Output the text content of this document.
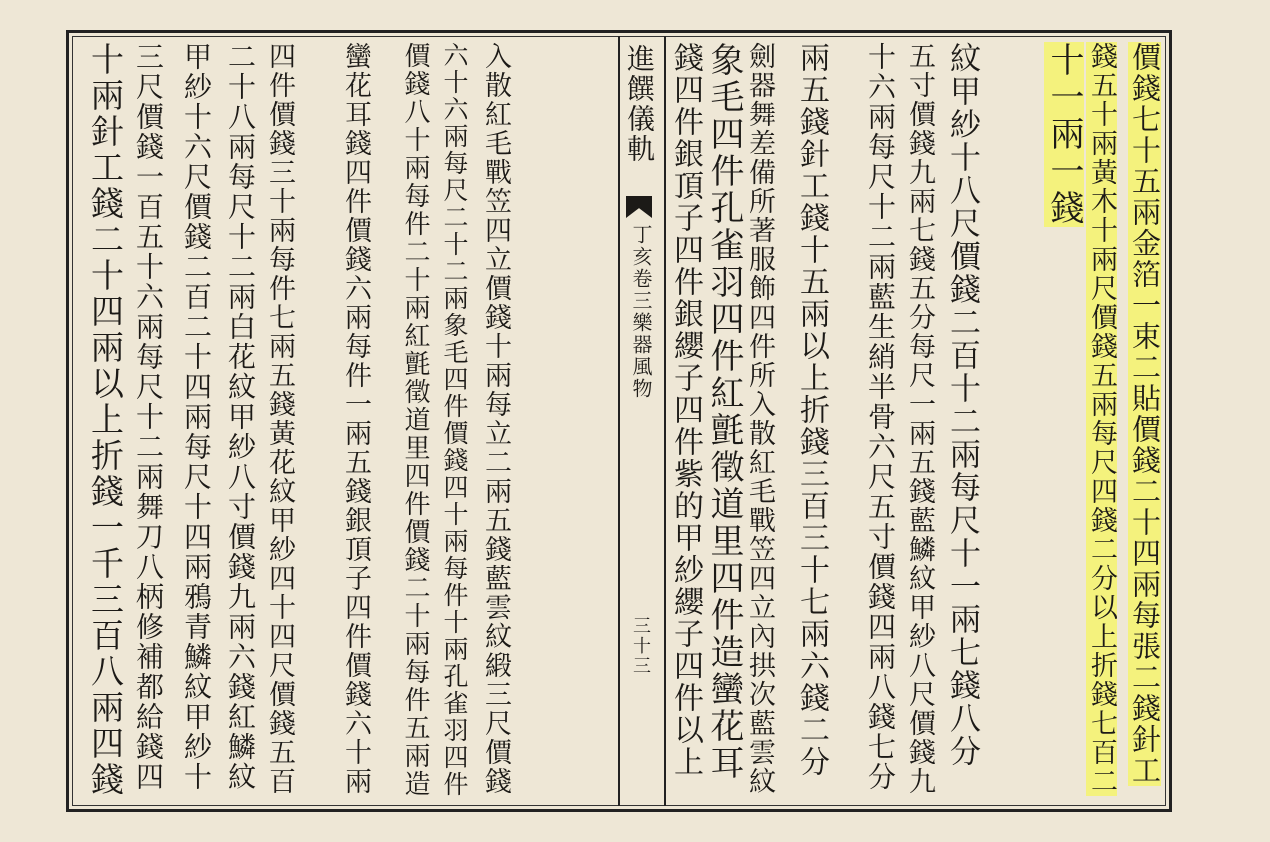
進饌儀軌
丁亥卷三樂器風物
三十三	價錢七十五兩金箔一束二貼價錢二十四兩每張二錢針工
錢五十兩黃木十兩尺價錢五兩每尺四錢二分以上折錢七百二
十一兩一錢
紋甲紗十八尺價錢二百十二兩每尺十一兩七錢八分
五寸價錢九兩七錢五分每尺一兩五錢藍鱗紋甲紗八尺價錢九
十六兩每尺十二兩藍生綃半骨六尺五寸價錢四兩八錢七分
兩五錢針工錢十五兩以上折錢三百三十七兩六錢二分
劍器舞差備所著服飾四件所入散紅毛戰笠四立內拱次藍雲紋
象毛四件孔雀羽四件紅氈徵道里四件造蠻花耳
錢四件銀頂子四件銀纓子四件紫的甲紗纓子四件以上
入散紅毛戰笠四立價錢十兩每立二兩五錢藍雲紋緞三尺價錢
六十六兩每尺二十二兩象毛四件價錢四十兩每件十兩孔雀羽四件
價錢八十兩每件二十兩紅氈徵道里四件價錢二十兩每件五兩造
蠻花耳錢四件價錢六兩每件一兩五錢銀頂子四件價錢六十兩
四件價錢三十兩每件七兩五錢黃花紋甲紗四十四尺價錢五百
二十八兩每尺十二兩白花紋甲紗八寸價錢九兩六錢紅鱗紋
甲紗十六尺價錢二百二十四兩每尺十四兩鴉青鱗紋甲紗十
三尺價錢一百五十六兩每尺十二兩舞刀八柄修補都給錢四
十兩針工錢二十四兩以上折錢一千三百八兩四錢
